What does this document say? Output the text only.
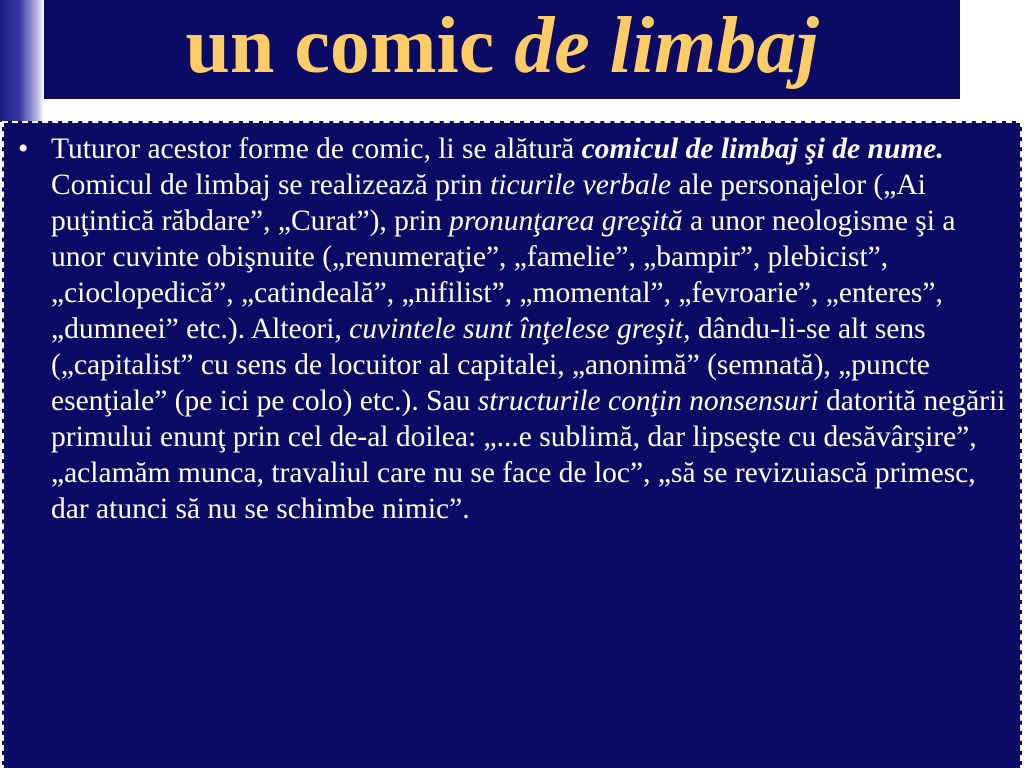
un comic de limbaj
• Tuturor acestor forme de comic, li se alătură comicul de limbaj şi de nume. Comicul de limbaj se realizează prin ticurile verbale ale personajelor („Ai puţintică răbdare”, „Curat”), prin pronunţarea greşită a unor neologisme şi a unor cuvinte obişnuite („renumeraţie”, „famelie”, „bampir”, plebicist”, „cioclopedică”, „catindeală”, „nifilist”, „momental”, „fevroarie”, „enteres”, „dumneei” etc.). Alteori, cuvintele sunt înţelese greşit, dându-li-se alt sens („capitalist” cu sens de locuitor al capitalei, „anonimă” (semnată), „puncte esenţiale” (pe ici pe colo) etc.). Sau structurile conţin nonsensuri datorită negării primului enunţ prin cel de-al doilea: „...e sublimă, dar lipseşte cu desăvârşire”, „aclamăm munca, travaliul care nu se face de loc”, „să se revizuiască primesc, dar atunci să nu se schimbe nimic”.
